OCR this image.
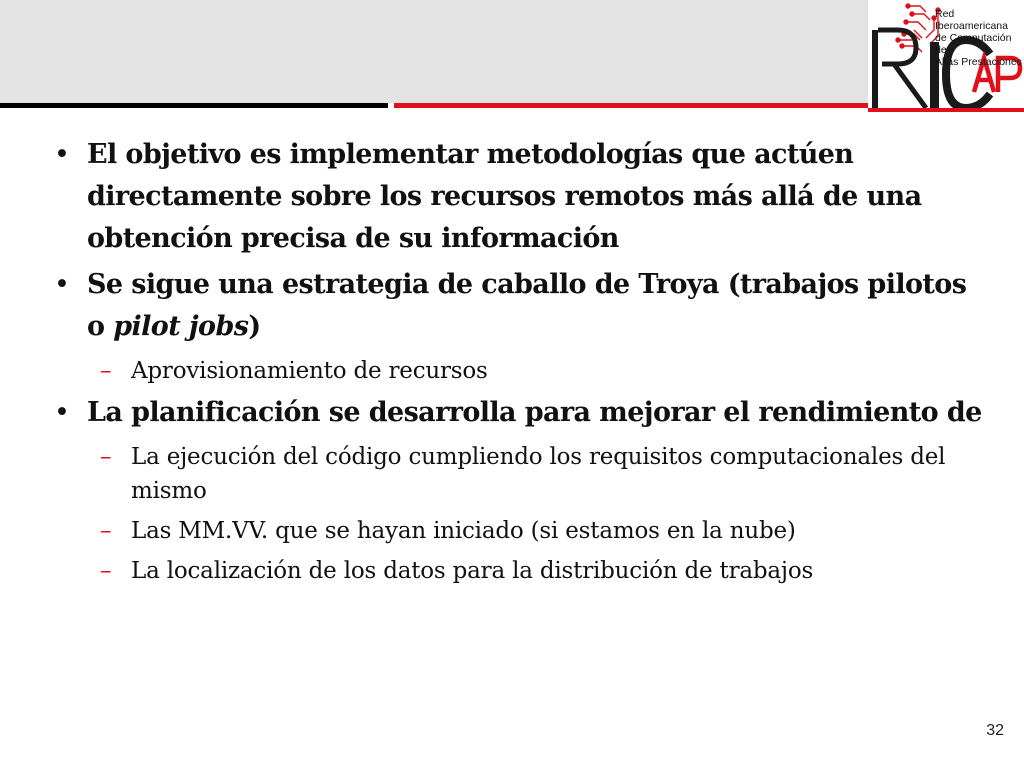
Red Iberoamericana
de Computación de
Altas Prestaciones
• El objetivo es implementar metodologías que actúen directamente sobre los recursos remotos más allá de una obtención precisa de su información
• Se sigue una estrategia de caballo de Troya (trabajos pilotos o pilot jobs)
– Aprovisionamiento de recursos
• La planificación se desarrolla para mejorar el rendimiento de
– La ejecución del código cumpliendo los requisitos computacionales del mismo
– Las MM.VV. que se hayan iniciado (si estamos en la nube)
– La localización de los datos para la distribución de trabajos
32
